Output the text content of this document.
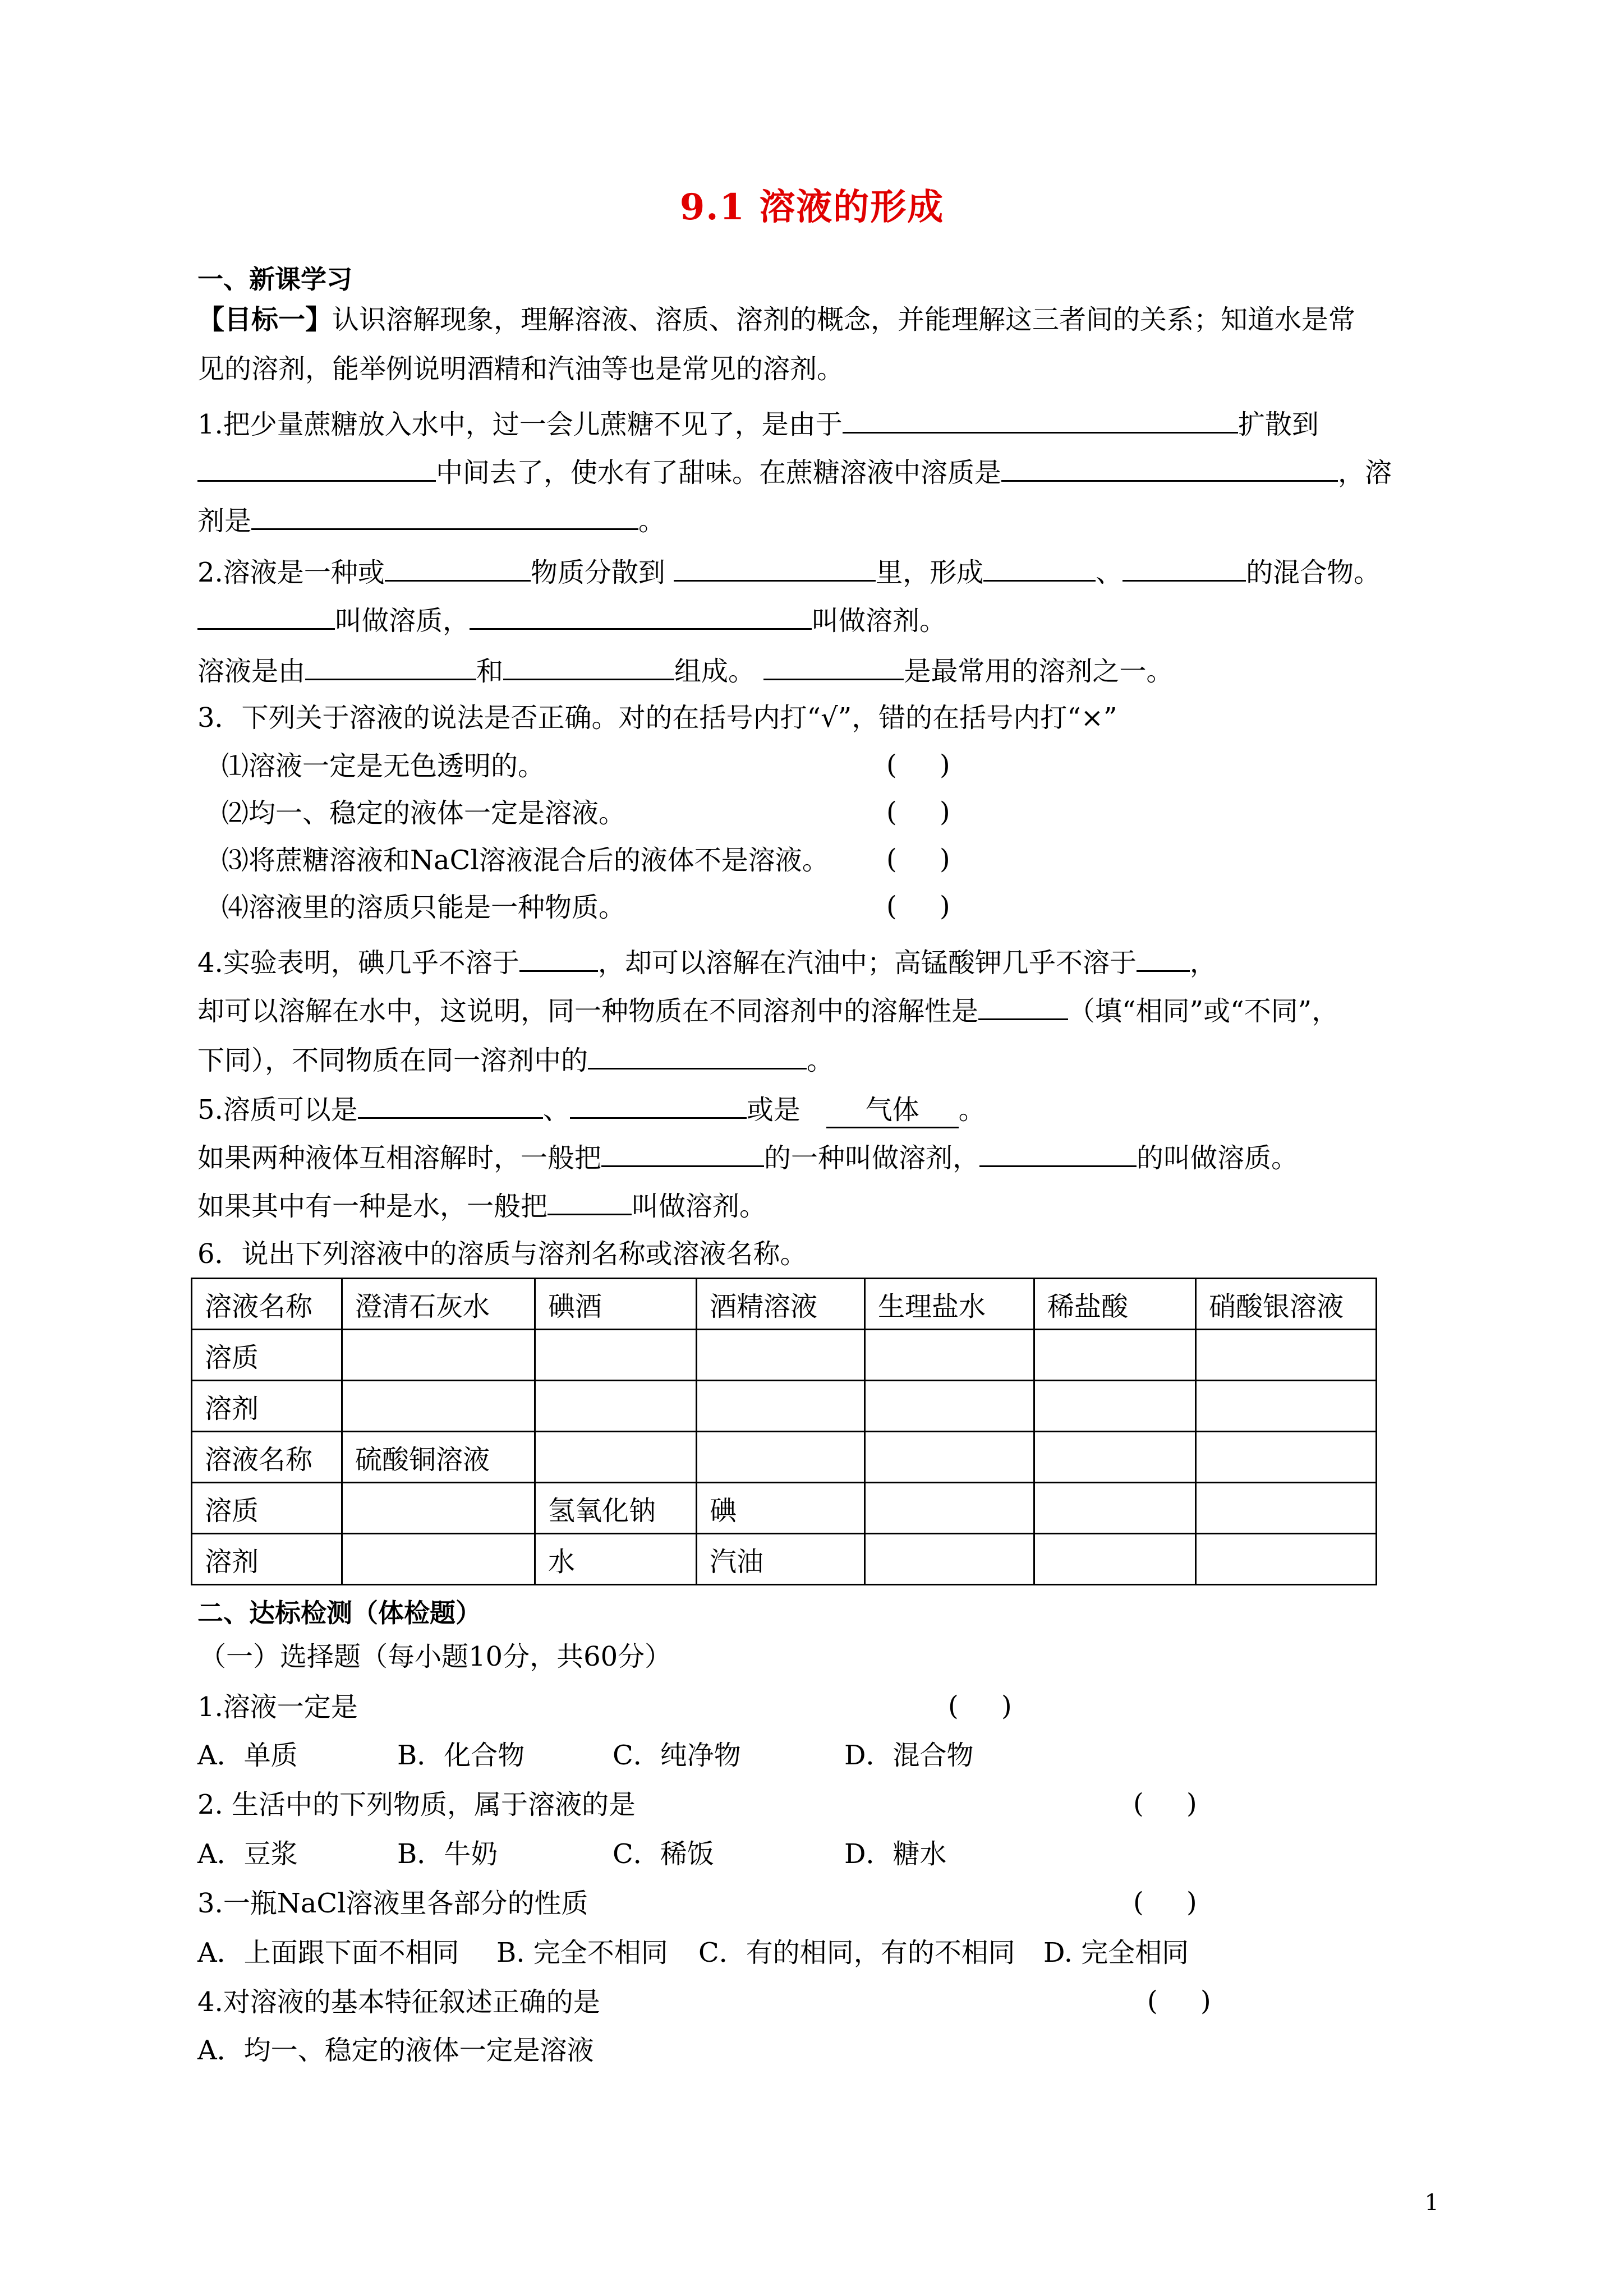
9.1 溶液的形成
一、新课学习
【目标一】认识溶解现象，理解溶液、溶质、溶剂的概念，并能理解这三者间的关系；知道水是常
见的溶剂，能举例说明酒精和汽油等也是常见的溶剂。
1.把少量蔗糖放入水中，过一会儿蔗糖不见了，是由于	扩散到
中间去了，使水有了甜味。在蔗糖溶液中溶质是	，溶
剂是	。
2.溶液是一种或	物质分散到	里，形成	、	的混合物。
叫做溶质，	叫做溶剂。
溶液是由	和	组成。	是最常用的溶剂之一。
3．下列关于溶液的说法是否正确。对的在括号内打“√”，错的在括号内打“×”
⑴溶液一定是无色透明的。	(     )
⑵均一、稳定的液体一定是溶液。	(     )
⑶将蔗糖溶液和NaCl溶液混合后的液体不是溶液。 (     )
⑷溶液里的溶质只能是一种物质。	(     )
4.实验表明，碘几乎不溶于	，却可以溶解在汽油中；高锰酸钾几乎不溶于 ，
却可以溶解在水中，这说明，同一种物质在不同溶剂中的溶解性是	（填“相同”或“不同”，
下同），不同物质在同一溶剂中的	。
5.溶质可以是	、	或是 气体 。
如果两种液体互相溶解时，一般把	的一种叫做溶剂，	的叫做溶质。
如果其中有一种是水，一般把	叫做溶剂。
6．说出下列溶液中的溶质与溶剂名称或溶液名称。
溶液名称	澄清石灰水	碘酒	酒精溶液	生理盐水	稀盐酸	硝酸银溶液
溶质						
溶剂						
溶液名称	硫酸铜溶液					
溶质		氢氧化钠	碘			
溶剂		水	汽油			
二、达标检测（体检题）
（一）选择题（每小题10分，共60分）
1.溶液一定是	(     )
A．单质	B．化合物	C．纯净物	D．混合物
2. 生活中的下列物质，属于溶液的是	(     )
A．豆浆	B．牛奶	C．稀饭	D．糖水
3.一瓶NaCl溶液里各部分的性质	(     )
A．上面跟下面不相同 B. 完全不相同 C．有的相同，有的不相同 D. 完全相同
4.对溶液的基本特征叙述正确的是	(     )
A．均一、稳定的液体一定是溶液
1
